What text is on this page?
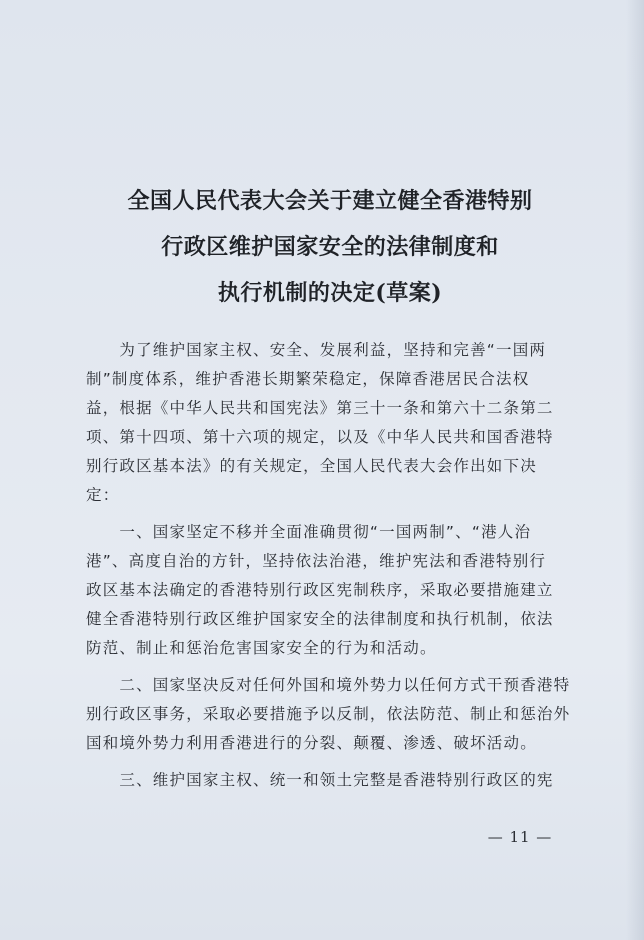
全国人民代表大会关于建立健全香港特别
行政区维护国家安全的法律制度和
执行机制的决定(草案)
　　为了维护国家主权、安全、发展利益，坚持和完善“一国两
制”制度体系，维护香港长期繁荣稳定，保障香港居民合法权
益，根据《中华人民共和国宪法》第三十一条和第六十二条第二
项、第十四项、第十六项的规定，以及《中华人民共和国香港特
别行政区基本法》的有关规定，全国人民代表大会作出如下决
定：
　　一、国家坚定不移并全面准确贯彻“一国两制”、“港人治
港”、高度自治的方针，坚持依法治港，维护宪法和香港特别行
政区基本法确定的香港特别行政区宪制秩序，采取必要措施建立
健全香港特别行政区维护国家安全的法律制度和执行机制，依法
防范、制止和惩治危害国家安全的行为和活动。
　　二、国家坚决反对任何外国和境外势力以任何方式干预香港特
别行政区事务，采取必要措施予以反制，依法防范、制止和惩治外
国和境外势力利用香港进行的分裂、颠覆、渗透、破坏活动。
　　三、维护国家主权、统一和领土完整是香港特别行政区的宪
— 11 —
